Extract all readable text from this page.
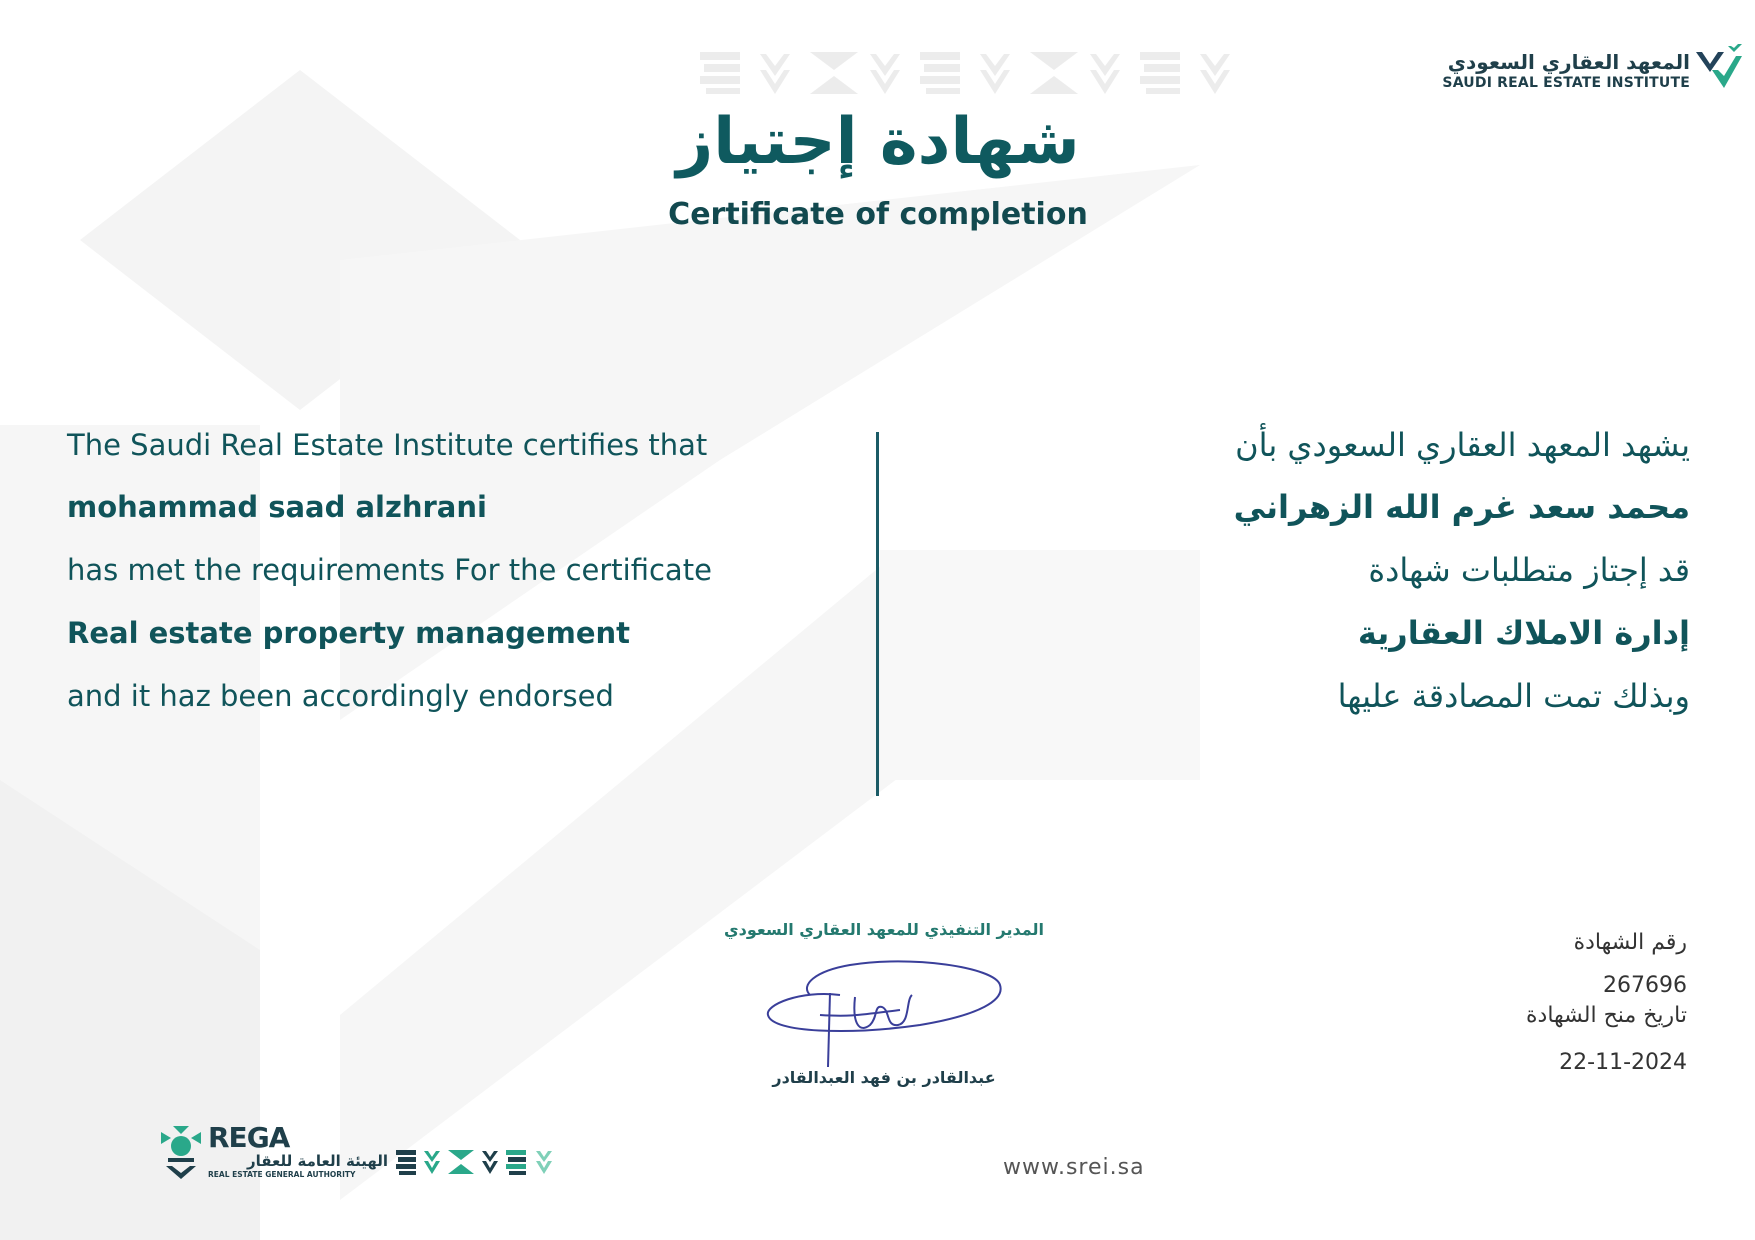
المعهد العقاري السعودي
SAUDI REAL ESTATE INSTITUTE
شهادة إجتياز
Certificate of completion
The Saudi Real Estate Institute certifies that
mohammad saad alzhrani
has met the requirements For the certificate
Real estate property management
and it haz been accordingly endorsed
يشهد المعهد العقاري السعودي بأن
محمد سعد غرم الله الزهراني
قد إجتاز متطلبات شهادة
إدارة الاملاك العقارية
وبذلك تمت المصادقة عليها
المدير التنفيذي للمعهد العقاري السعودي
عبدالقادر بن فهد العبدالقادر
رقم الشهادة
267696
تاريخ منح الشهادة
22-11-2024
REGA
الهيئة العامة للعقار
REAL ESTATE GENERAL AUTHORITY	www.srei.sa
